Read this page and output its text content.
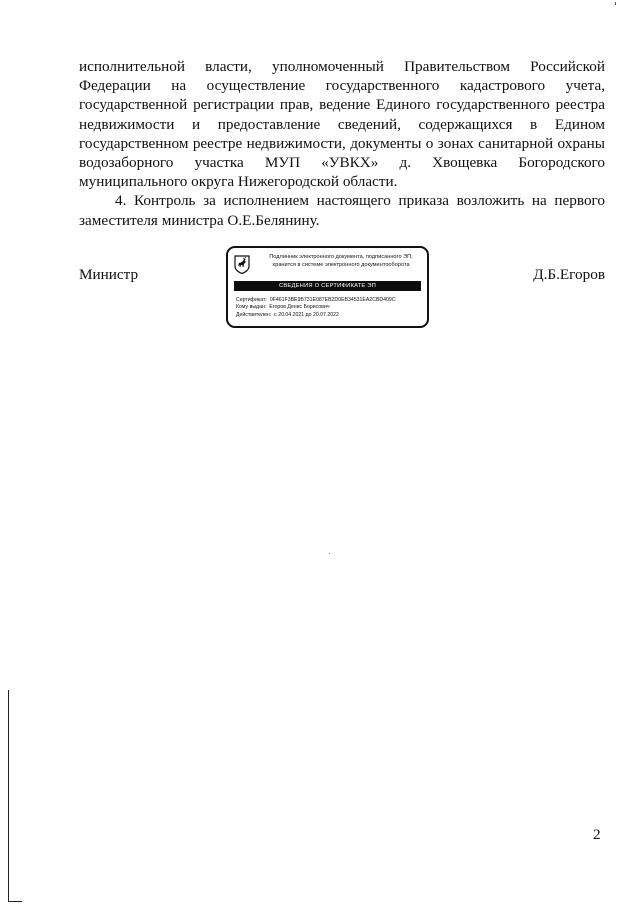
исполнительной власти, уполномоченный Правительством Российской
Федерации на осуществление государственного кадастрового учета,
государственной регистрации прав, ведение Единого государственного реестра
недвижимости и предоставление сведений, содержащихся в Едином
государственном реестре недвижимости, документы о зонах санитарной охраны
водозаборного участка МУП «УВКХ» д. Хвощевка Богородского
муниципального округа Нижегородской области.
4. Контроль за исполнением настоящего приказа возложить на первого заместителя министра О.Е.Белянину.
Министр	Д.Б.Егоров
Подлинник электронного документа, подписанного ЭП,
хранится в системе электронного документооборота
СВЕДЕНИЯ О СЕРТИФИКАТЕ ЭП
Сертификат: 0F461F3BE9B731E087EB2D0EB34531EA2CBD409C
Кому выдан: Егоров Денис Борисович
Действителен: с 20.04.2021 до 20.07.2022
2
